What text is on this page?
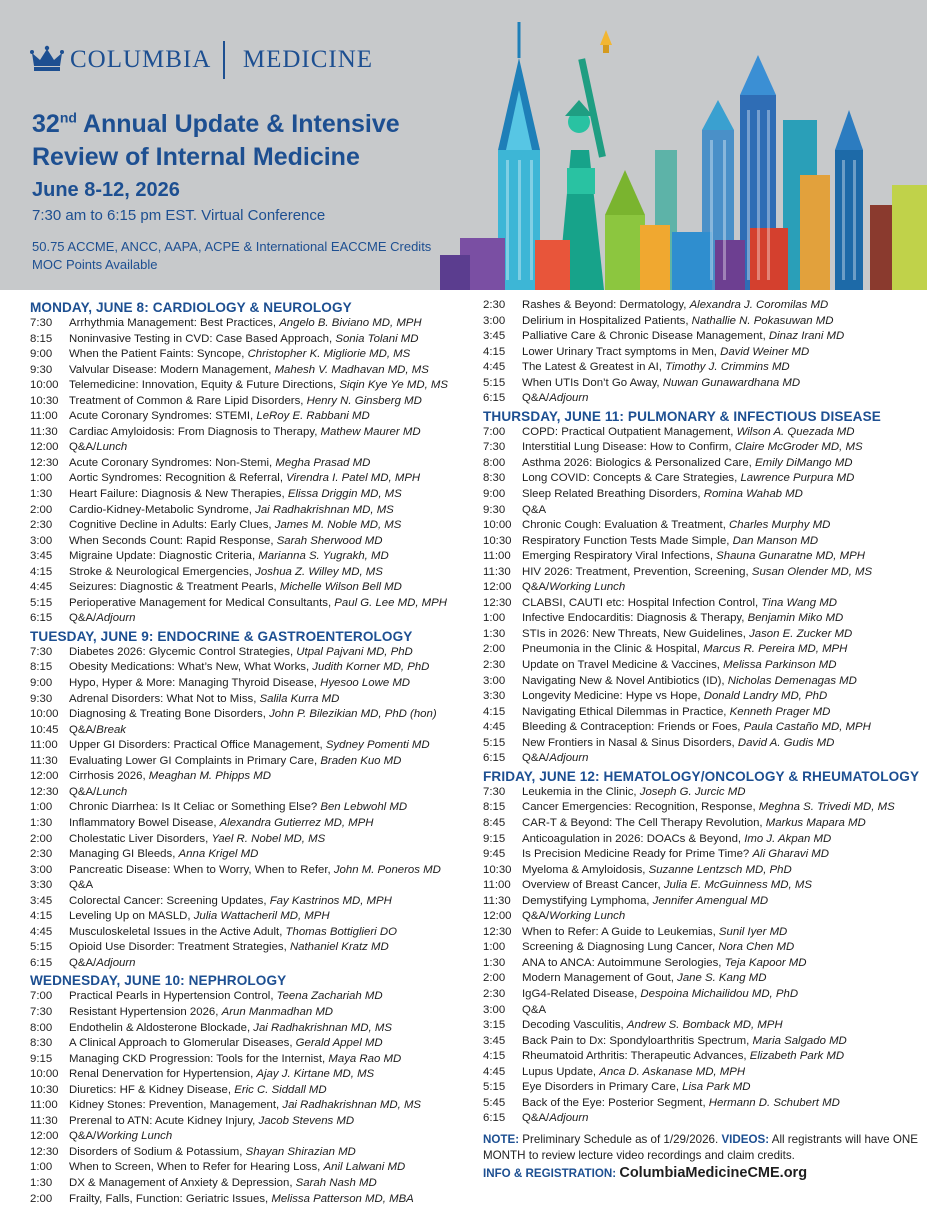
COLUMBIA MEDICINE
32nd Annual Update & Intensive
Review of Internal Medicine
June 8-12, 2026
7:30 am to 6:15 pm EST. Virtual Conference
50.75 ACCME, ANCC, AAPA, ACPE & International EACCME Credits
MOC Points Available
MONDAY, JUNE 8: CARDIOLOGY & NEUROLOGY
7:30	Arrhythmia Management: Best Practices, Angelo B. Biviano MD, MPH
8:15	Noninvasive Testing in CVD: Case Based Approach, Sonia Tolani MD
9:00	When the Patient Faints: Syncope, Christopher K. Migliorie MD, MS
9:30	Valvular Disease: Modern Management, Mahesh V. Madhavan MD, MS
10:00 Telemedicine: Innovation, Equity & Future Directions, Siqin Kye Ye MD, MS
10:30 Treatment of Common & Rare Lipid Disorders, Henry N. Ginsberg MD
11:00 Acute Coronary Syndromes: STEMI, LeRoy E. Rabbani MD
11:30 Cardiac Amyloidosis: From Diagnosis to Therapy, Mathew Maurer MD
12:00 Q&A/ Lunch
12:30 Acute Coronary Syndromes: Non-Stemi, Megha Prasad MD
1:00	Aortic Syndromes: Recognition & Referral, Virendra I. Patel MD, MPH
1:30	Heart Failure: Diagnosis & New Therapies, Elissa Driggin MD, MS
2:00	Cardio-Kidney-Metabolic Syndrome, Jai Radhakrishnan MD, MS
2:30	Cognitive Decline in Adults: Early Clues, James M. Noble MD, MS
3:00	When Seconds Count: Rapid Response, Sarah Sherwood MD
3:45	Migraine Update: Diagnostic Criteria, Marianna S. Yugrakh, MD
4:15	Stroke & Neurological Emergencies, Joshua Z. Willey MD, MS
4:45	Seizures: Diagnostic & Treatment Pearls, Michelle Wilson Bell MD
5:15	Perioperative Management for Medical Consultants, Paul G. Lee MD, MPH
6:15	Q&A/ Adjourn
TUESDAY, JUNE 9: ENDOCRINE & GASTROENTEROLOGY
7:30	Diabetes 2026: Glycemic Control Strategies, Utpal Pajvani MD, PhD
8:15	Obesity Medications: What’s New, What Works, Judith Korner MD, PhD
9:00	Hypo, Hyper & More: Managing Thyroid Disease, Hyesoo Lowe MD
9:30	Adrenal Disorders: What Not to Miss, Salila Kurra MD
10:00 Diagnosing & Treating Bone Disorders, John P. Bilezikian MD, PhD (hon)
10:45 Q&A/ Break
11:00 Upper GI Disorders: Practical Office Management, Sydney Pomenti MD
11:30 Evaluating Lower GI Complaints in Primary Care, Braden Kuo MD
12:00 Cirrhosis 2026, Meaghan M. Phipps MD
12:30 Q&A/ Lunch
1:00	Chronic Diarrhea: Is It Celiac or Something Else? Ben Lebwohl MD
1:30	Inflammatory Bowel Disease, Alexandra Gutierrez MD, MPH
2:00	Cholestatic Liver Disorders, Yael R. Nobel MD, MS
2:30	Managing GI Bleeds, Anna Krigel MD
3:00	Pancreatic Disease: When to Worry, When to Refer, John M. Poneros MD
3:30	Q&A
3:45	Colorectal Cancer: Screening Updates, Fay Kastrinos MD, MPH
4:15	Leveling Up on MASLD, Julia Wattacheril MD, MPH
4:45	Musculoskeletal Issues in the Active Adult, Thomas Bottiglieri DO
5:15	Opioid Use Disorder: Treatment Strategies, Nathaniel Kratz MD
6:15	Q&A/ Adjourn
WEDNESDAY, JUNE 10: NEPHROLOGY
7:00	Practical Pearls in Hypertension Control, Teena Zachariah MD
7:30	Resistant Hypertension 2026, Arun Manmadhan MD
8:00	Endothelin & Aldosterone Blockade, Jai Radhakrishnan MD, MS
8:30	A Clinical Approach to Glomerular Diseases, Gerald Appel MD
9:15	Managing CKD Progression: Tools for the Internist, Maya Rao MD
10:00 Renal Denervation for Hypertension, Ajay J. Kirtane MD, MS
10:30 Diuretics: HF & Kidney Disease, Eric C. Siddall MD
11:00 Kidney Stones: Prevention, Management, Jai Radhakrishnan MD, MS
11:30 Prerenal to ATN: Acute Kidney Injury, Jacob Stevens MD
12:00 Q&A/ Working Lunch
12:30 Disorders of Sodium & Potassium, Shayan Shirazian MD
1:00	When to Screen, When to Refer for Hearing Loss, Anil Lalwani MD
1:30	DX & Management of Anxiety & Depression, Sarah Nash MD
2:00	Frailty, Falls, Function: Geriatric Issues, Melissa Patterson MD, MBA
2:30	Rashes & Beyond: Dermatology, Alexandra J. Coromilas MD
3:00	Delirium in Hospitalized Patients, Nathallie N. Pokasuwan MD
3:45	Palliative Care & Chronic Disease Management, Dinaz Irani MD
4:15	Lower Urinary Tract symptoms in Men, David Weiner MD
4:45	The Latest & Greatest in AI, Timothy J. Crimmins MD
5:15	When UTIs Don’t Go Away, Nuwan Gunawardhana MD
6:15	Q&A/ Adjourn
THURSDAY, JUNE 11: PULMONARY & INFECTIOUS DISEASE
7:00	COPD: Practical Outpatient Management, Wilson A. Quezada MD
7:30	Interstitial Lung Disease: How to Confirm, Claire McGroder MD, MS
8:00	Asthma 2026: Biologics & Personalized Care, Emily DiMango MD
8:30	Long COVID: Concepts & Care Strategies, Lawrence Purpura MD
9:00	Sleep Related Breathing Disorders, Romina Wahab MD
9:30	Q&A
10:00 Chronic Cough: Evaluation & Treatment, Charles Murphy MD
10:30 Respiratory Function Tests Made Simple, Dan Manson MD
11:00 Emerging Respiratory Viral Infections, Shauna Gunaratne MD, MPH
11:30 HIV 2026: Treatment, Prevention, Screening, Susan Olender MD, MS
12:00 Q&A/ Working Lunch
12:30 CLABSI, CAUTI etc: Hospital Infection Control, Tina Wang MD
1:00	Infective Endocarditis: Diagnosis & Therapy, Benjamin Miko MD
1:30	STIs in 2026: New Threats, New Guidelines, Jason E. Zucker MD
2:00	Pneumonia in the Clinic & Hospital, Marcus R. Pereira MD, MPH
2:30	Update on Travel Medicine & Vaccines, Melissa Parkinson MD
3:00	Navigating New & Novel Antibiotics (ID), Nicholas Demenagas MD
3:30	Longevity Medicine: Hype vs Hope, Donald Landry MD, PhD
4:15	Navigating Ethical Dilemmas in Practice, Kenneth Prager MD
4:45	Bleeding & Contraception: Friends or Foes, Paula Castaño MD, MPH
5:15	New Frontiers in Nasal & Sinus Disorders, David A. Gudis MD
6:15	Q&A/ Adjourn
FRIDAY, JUNE 12: HEMATOLOGY/ONCOLOGY & RHEUMATOLOGY
7:30	Leukemia in the Clinic, Joseph G. Jurcic MD
8:15	Cancer Emergencies: Recognition, Response, Meghna S. Trivedi MD, MS
8:45	CAR-T & Beyond: The Cell Therapy Revolution, Markus Mapara MD
9:15	Anticoagulation in 2026: DOACs & Beyond, Imo J. Akpan MD
9:45	Is Precision Medicine Ready for Prime Time? Ali Gharavi MD
10:30 Myeloma & Amyloidosis, Suzanne Lentzsch MD, PhD
11:00 Overview of Breast Cancer, Julia E. McGuinness MD, MS
11:30 Demystifying Lymphoma, Jennifer Amengual MD
12:00 Q&A/ Working Lunch
12:30 When to Refer: A Guide to Leukemias, Sunil Iyer MD
1:00	Screening & Diagnosing Lung Cancer, Nora Chen MD
1:30	ANA to ANCA: Autoimmune Serologies, Teja Kapoor MD
2:00	Modern Management of Gout, Jane S. Kang MD
2:30	IgG4-Related Disease, Despoina Michailidou MD, PhD
3:00	Q&A
3:15	Decoding Vasculitis, Andrew S. Bomback MD, MPH
3:45	Back Pain to Dx: Spondyloarthritis Spectrum, Maria Salgado MD
4:15	Rheumatoid Arthritis: Therapeutic Advances, Elizabeth Park MD
4:45	Lupus Update, Anca D. Askanase MD, MPH
5:15	Eye Disorders in Primary Care, Lisa Park MD
5:45	Back of the Eye: Posterior Segment, Hermann D. Schubert MD
6:15	Q&A/ Adjourn
NOTE: Preliminary Schedule as of 1/29/2026. VIDEOS: All registrants will have ONE MONTH to review lecture video recordings and claim credits.
INFO & REGISTRATION: ColumbiaMedicineCME.org
